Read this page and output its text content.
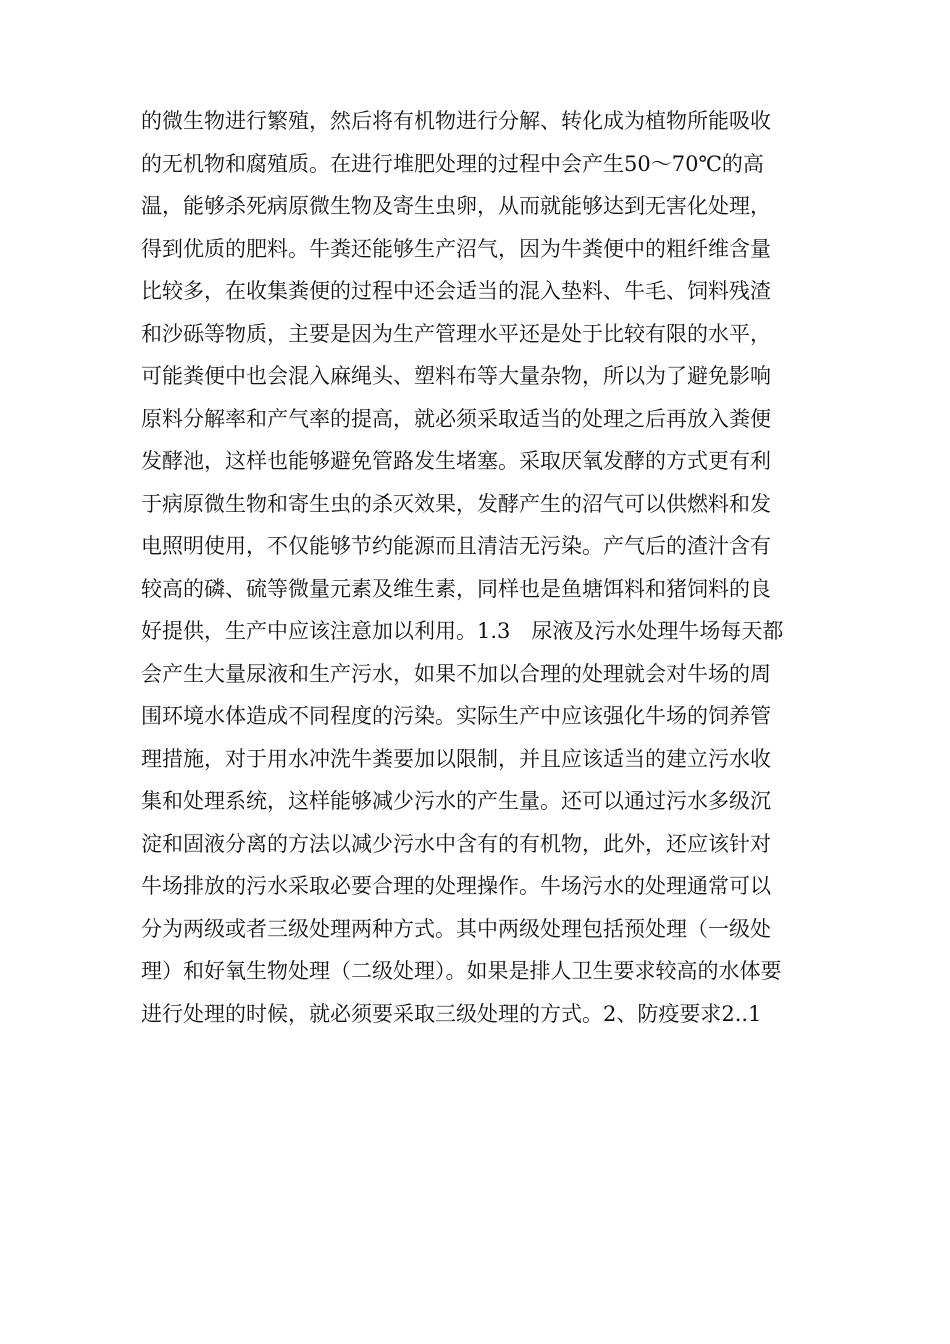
的微生物进行繁殖，然后将有机物进行分解、转化成为植物所能吸收
的无机物和腐殖质。在进行堆肥处理的过程中会产生50～70℃的高
温，能够杀死病原微生物及寄生虫卵，从而就能够达到无害化处理，
得到优质的肥料。牛粪还能够生产沼气，因为牛粪便中的粗纤维含量
比较多，在收集粪便的过程中还会适当的混入垫料、牛毛、饲料残渣
和沙砾等物质，主要是因为生产管理水平还是处于比较有限的水平，
可能粪便中也会混入麻绳头、塑料布等大量杂物，所以为了避免影响
原料分解率和产气率的提高，就必须采取适当的处理之后再放入粪便
发酵池，这样也能够避免管路发生堵塞。采取厌氧发酵的方式更有利
于病原微生物和寄生虫的杀灭效果，发酵产生的沼气可以供燃料和发
电照明使用，不仅能够节约能源而且清洁无污染。产气后的渣汁含有
较高的磷、硫等微量元素及维生素，同样也是鱼塘饵料和猪饲料的良
好提供，生产中应该注意加以利用。1.3　尿液及污水处理牛场每天都
会产生大量尿液和生产污水，如果不加以合理的处理就会对牛场的周
围环境水体造成不同程度的污染。实际生产中应该强化牛场的饲养管
理措施，对于用水冲洗牛粪要加以限制，并且应该适当的建立污水收
集和处理系统，这样能够减少污水的产生量。还可以通过污水多级沉
淀和固液分离的方法以减少污水中含有的有机物，此外，还应该针对
牛场排放的污水采取必要合理的处理操作。牛场污水的处理通常可以
分为两级或者三级处理两种方式。其中两级处理包括预处理（一级处
理）和好氧生物处理（二级处理）。如果是排人卫生要求较高的水体要
进行处理的时候，就必须要采取三级处理的方式。2、防疫要求2..1
